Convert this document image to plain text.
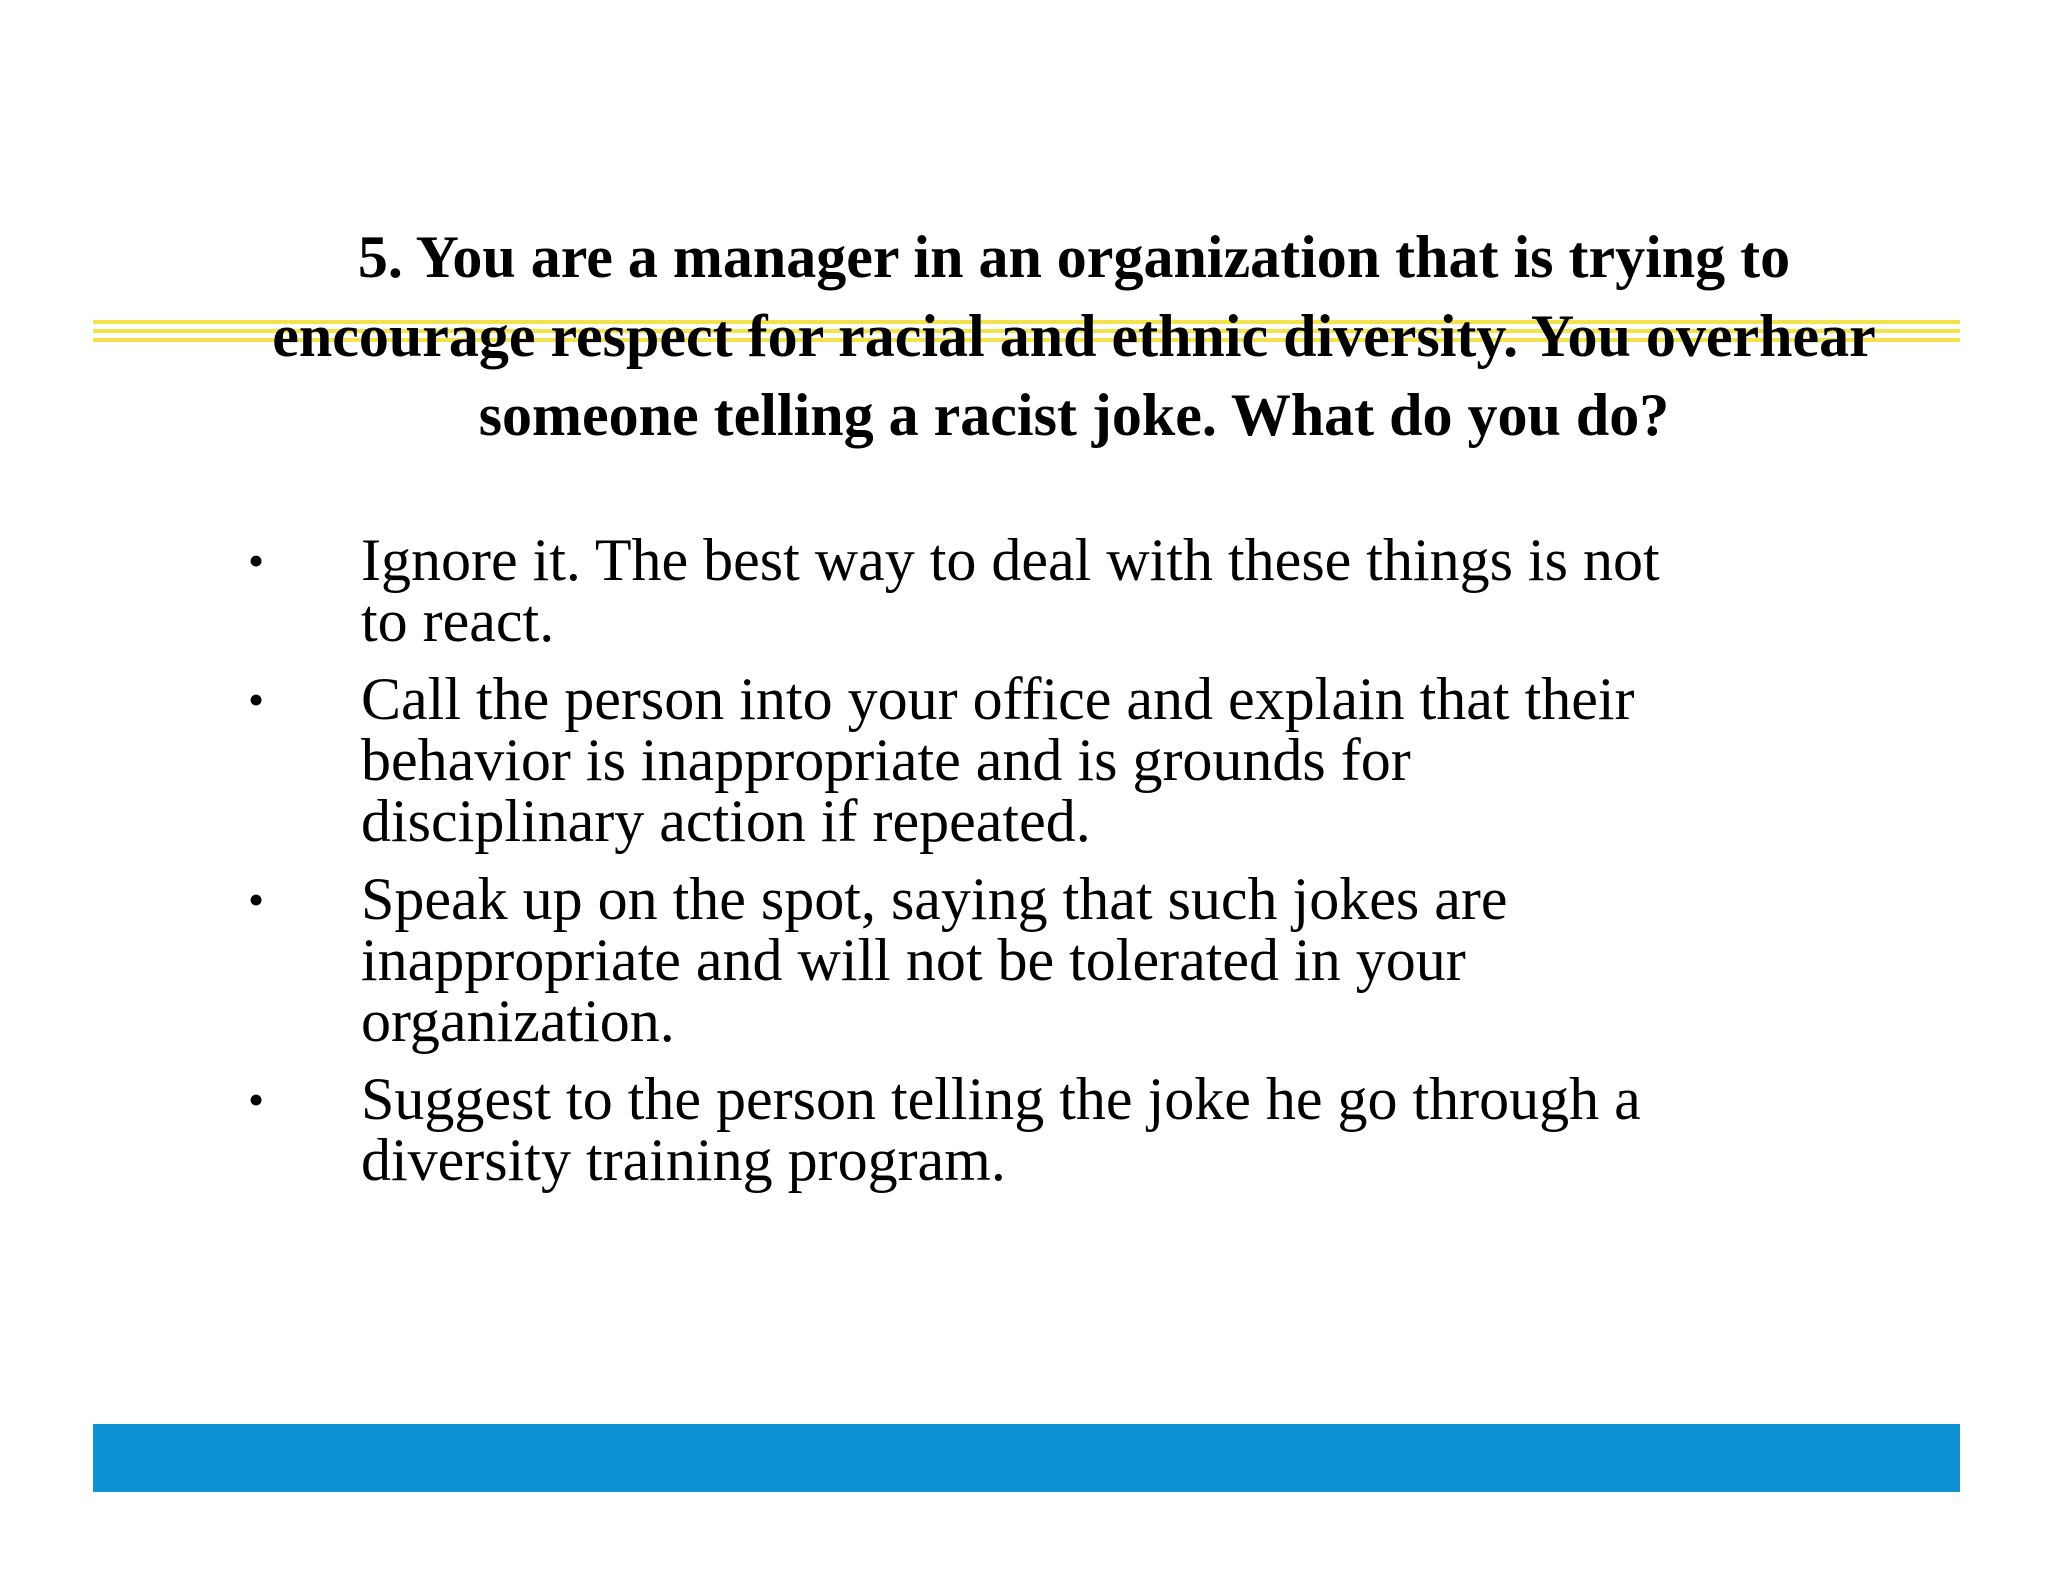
5. You are a manager in an organization that is trying to
encourage respect for racial and ethnic diversity. You overhear
someone telling a racist joke. What do you do?
•	Ignore it. The best way to deal with these things is not
to react.
•	Call the person into your office and explain that their
behavior is inappropriate and is grounds for
disciplinary action if repeated.
•	Speak up on the spot, saying that such jokes are
inappropriate and will not be tolerated in your
organization.
•	Suggest to the person telling the joke he go through a
diversity training program.
